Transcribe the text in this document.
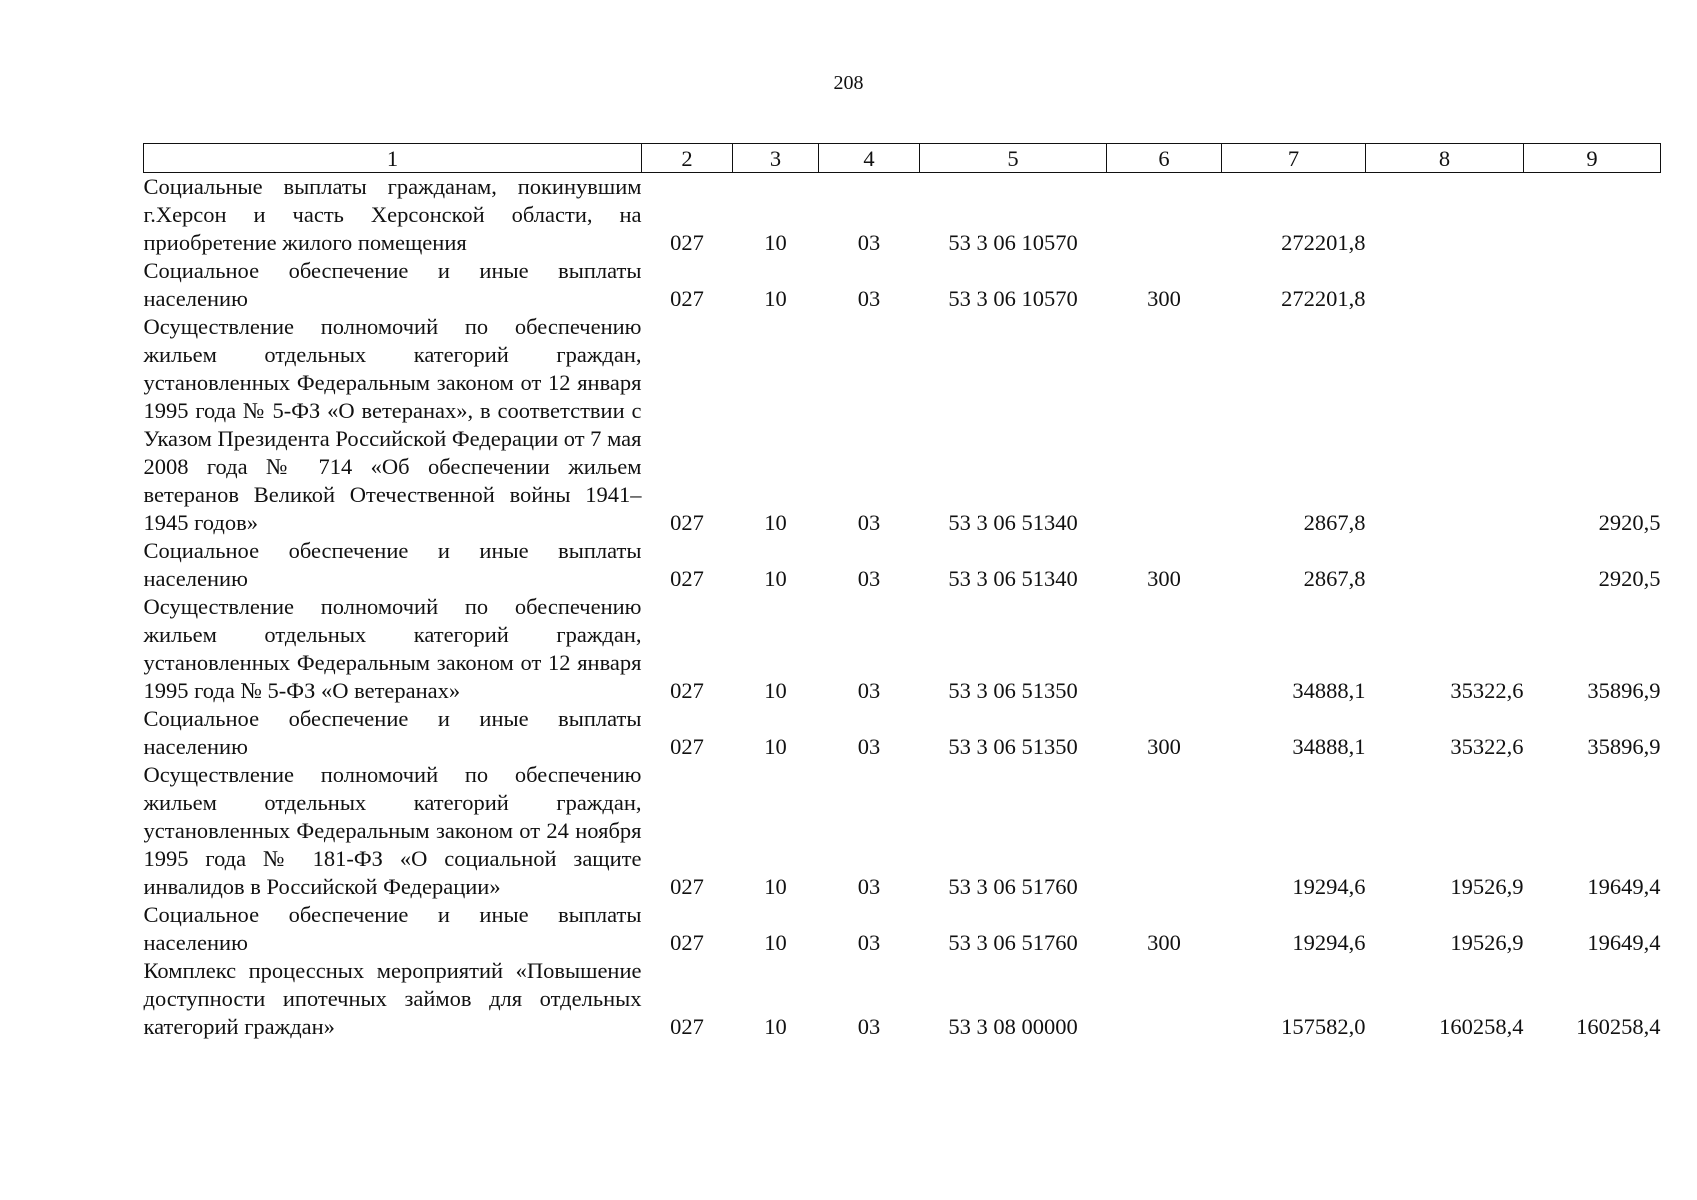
208
1	2	3	4	5	6	7	8	9
Социальные выплаты гражданам, покинувшим г.Херсон и часть Херсонской области, на приобретение жилого помещения	027	10	03	53 3 06 10570		272201,8		
Социальное обеспечение и иные выплаты населению	027	10	03	53 3 06 10570	300	272201,8		
Осуществление полномочий по обеспечению жильем отдельных категорий граждан, установленных Федеральным законом от 12 января 1995 года № 5-ФЗ «О ветеранах», в соответствии с Указом Президента Российской Федерации от 7 мая 2008 года № 714 «Об обеспечении жильем ветеранов Великой Отечественной войны 1941–1945 годов»	027	10	03	53 3 06 51340		2867,8		2920,5
Социальное обеспечение и иные выплаты населению	027	10	03	53 3 06 51340	300	2867,8		2920,5
Осуществление полномочий по обеспечению жильем отдельных категорий граждан, установленных Федеральным законом от 12 января 1995 года № 5-ФЗ «О ветеранах»	027	10	03	53 3 06 51350		34888,1	35322,6	35896,9
Социальное обеспечение и иные выплаты населению	027	10	03	53 3 06 51350	300	34888,1	35322,6	35896,9
Осуществление полномочий по обеспечению жильем отдельных категорий граждан, установленных Федеральным законом от 24 ноября 1995 года № 181-ФЗ «О социальной защите инвалидов в Российской Федерации»	027	10	03	53 3 06 51760		19294,6	19526,9	19649,4
Социальное обеспечение и иные выплаты населению	027	10	03	53 3 06 51760	300	19294,6	19526,9	19649,4
Комплекс процессных мероприятий «Повышение доступности ипотечных займов для отдельных категорий граждан»	027	10	03	53 3 08 00000		157582,0	160258,4	160258,4
